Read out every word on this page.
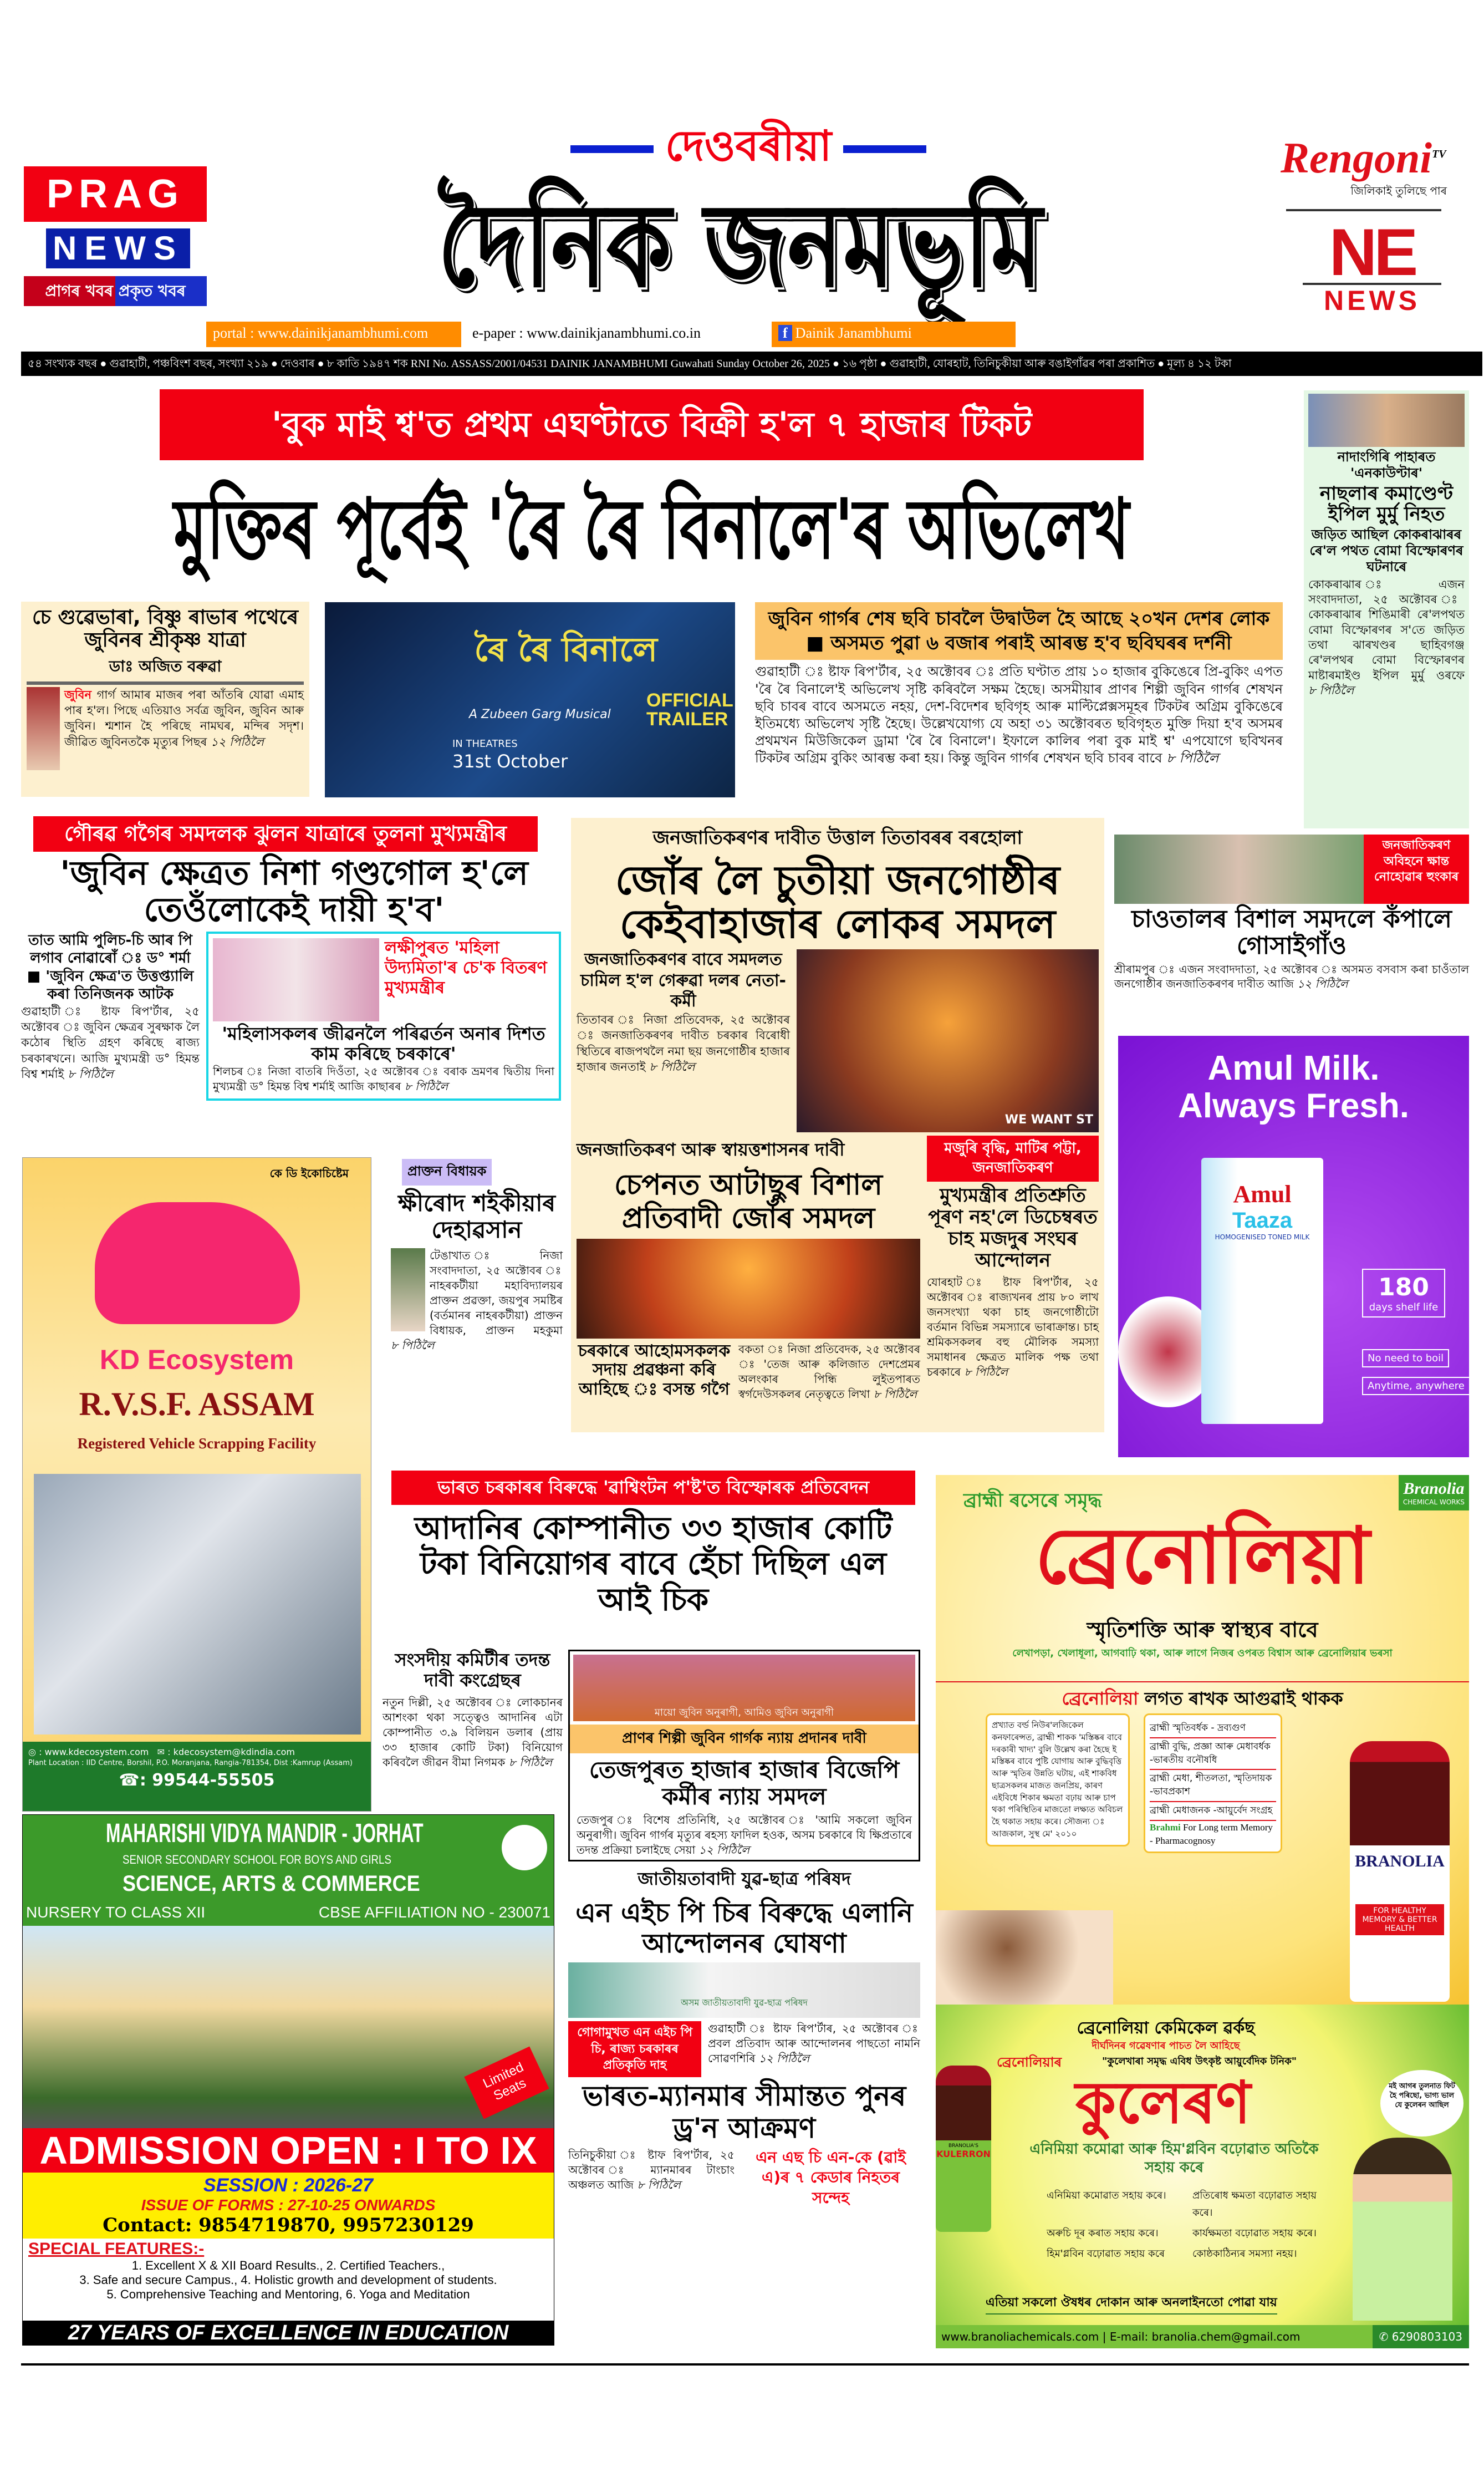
PRAG
NEWS
প্ৰাগৰ খবৰ প্ৰকৃত খবৰ
দেওবৰীয়া
দৈনিক জনমভূমি
Rengoni$^{TV}$
জিলিকাই তুলিছে পাৰ
NE
NEWS
portal : www.dainikjanambhumi.com	e-paper : www.dainikjanambhumi.co.in	f Dainik Janambhumi
৫৪ সংখ্যক বছৰ ● গুৱাহাটী, পঞ্চবিংশ বছৰ, সংখ্যা ২১৯ ● দেওবাৰ ● ৮ কাতি ১৯৪৭ শক RNI No. ASSASS/2001/04531 DAINIK JANAMBHUMI Guwahati Sunday October 26, 2025 ● ১৬ পৃষ্ঠা ● গুৱাহাটী, যোৰহাট, তিনিচুকীয়া আৰু বঙাইগাঁৱৰ পৰা প্ৰকাশিত ● মূল্য ৪ ১২ টকা
'বুক মাই শ্ব'ত প্ৰথম এঘণ্টাতে বিক্ৰী হ'ল ৭ হাজাৰ টিকট
মুক্তিৰ পূৰ্বেই 'ৰৈ ৰৈ বিনালে'ৰ অভিলেখ
নাদাংগিৰি পাহাৰত 'এনকাউণ্টাৰ'
নাছলাৰ কমাণ্ডেণ্ট ইপিল মুৰ্মু নিহত
জড়িত আছিল কোকৰাঝাৰৰ ৰে'ল পথত বোমা বিস্ফোৰণৰ ঘটনাৰে
কোকৰাঝাৰ ঃ এজন সংবাদদাতা, ২৫ অক্টোবৰ ঃ কোকৰাঝাৰ শিঙিমাৰী ৰে'লপথত বোমা বিস্ফোৰণৰ স'তে জড়িত তথা ঝাৰখণ্ডৰ ছাহিবগঞ্জ ৰে'লপথৰ বোমা বিস্ফোৰণৰ মাষ্টাৰমাইণ্ড ইপিল মুৰ্মু ওৰফে ৮ পিঠিলৈ
চে গুৱেভাৰা, বিষ্ণু ৰাভাৰ পথেৰে জুবিনৰ শ্ৰীকৃষ্ণ যাত্ৰা
ডাঃ অজিত বৰুৱা
জুবিন গাৰ্গ আমাৰ মাজৰ পৰা আঁতৰি যোৱা এমাহ পাৰ হ'ল। পিছে এতিয়াও সৰ্বত্ৰ জুবিন, জুবিন আৰু জুবিন। শ্মশান হৈ পৰিছে নামঘৰ, মন্দিৰ সদৃশ। জীৱিত জুবিনতকৈ মৃত্যুৰ পিছৰ ১২ পিঠিলৈ
ৰৈ ৰৈ বিনালে
A Zubeen Garg Musical
OFFICIAL TRAILER
IN THEATRES
31st October
জুবিন গাৰ্গৰ শেষ ছবি চাবলৈ উদ্বাউল হৈ আছে ২০খন দেশৰ লোক ■ অসমত পুৱা ৬ বজাৰ পৰাই আৰম্ভ হ'ব ছবিঘৰৰ দৰ্শনী
গুৱাহাটী ঃ ষ্টাফ ৰিপ'ৰ্টাৰ, ২৫ অক্টোবৰ ঃ প্ৰতি ঘণ্টাত প্ৰায় ১০ হাজাৰ বুকিঙেৰে প্ৰি-বুকিং এপত 'ৰৈ ৰৈ বিনালে'ই অভিলেখ সৃষ্টি কৰিবলৈ সক্ষম হৈছে। অসমীয়াৰ প্ৰাণৰ শিল্পী জুবিন গাৰ্গৰ শেষখন ছবি চাবৰ বাবে অসমতে নহয়, দেশ-বিদেশৰ ছবিগৃহ আৰু মাল্টিপ্লেক্সসমূহৰ টিকটৰ অগ্ৰিম বুকিঙেৰে ইতিমধ্যে অভিলেখ সৃষ্টি হৈছে। উল্লেখযোগ্য যে অহা ৩১ অক্টোবৰত ছবিগৃহত মুক্তি দিয়া হ'ব অসমৰ প্ৰথমখন মিউজিকেল ড্ৰামা 'ৰৈ ৰৈ বিনালে'। ইফালে কালিৰ পৰা বুক মাই শ্ব' এপযোগে ছবিখনৰ টিকটৰ অগ্ৰিম বুকিং আৰম্ভ কৰা হয়। কিন্তু জুবিন গাৰ্গৰ শেষখন ছবি চাবৰ বাবে ৮ পিঠিলৈ
গৌৰৱ গগৈৰ সমদলক ঝুলন যাত্ৰাৰে তুলনা মুখ্যমন্ত্ৰীৰ
'জুবিন ক্ষেত্ৰত নিশা গণ্ডগোল হ'লে তেওঁলোকেই দায়ী হ'ব'
তাত আমি পুলিচ-চি আৰ পি লগাব নোৱাৰোঁ ঃ ড° শৰ্মা ■ 'জুবিন ক্ষেত্ৰ'ত উত্তপ্ত্যালি কৰা তিনিজনক আটক
গুৱাহাটী ঃ ষ্টাফ ৰিপ'ৰ্টাৰ, ২৫ অক্টোবৰ ঃ জুবিন ক্ষেত্ৰৰ সুৰক্ষাক লৈ কঠোৰ স্থিতি গ্ৰহণ কৰিছে ৰাজ্য চৰকাৰখনে। আজি মুখ্যমন্ত্ৰী ড° হিমন্ত বিশ্ব শৰ্মাই ৮ পিঠিলৈ
লক্ষীপুৰত 'মহিলা উদ্যমিতা'ৰ চে'ক বিতৰণ মুখ্যমন্ত্ৰীৰ
'মহিলাসকলৰ জীৱনলৈ পৰিৱৰ্তন অনাৰ দিশত কাম কৰিছে চৰকাৰে'
শিলচৰ ঃ নিজা বাতৰি দিওঁতা, ২৫ অক্টোবৰ ঃ বৰাক ভ্ৰমণৰ দ্বিতীয় দিনা মুখ্যমন্ত্ৰী ড° হিমন্ত বিশ্ব শৰ্মাই আজি কাছাৰৰ ৮ পিঠিলৈ
জনজাতিকৰণৰ দাবীত উত্তাল তিতাবৰৰ বৰহোলা
জোঁৰ লৈ চুতীয়া জনগোষ্ঠীৰ কেইবাহাজাৰ লোকৰ সমদল
জনজাতিকৰণৰ বাবে সমদলত চামিল হ'ল গেৰুৱা দলৰ নেতা-কৰ্মী
তিতাবৰ ঃ নিজা প্ৰতিবেদক, ২৫ অক্টোবৰ ঃ জনজাতিকৰণৰ দাবীত চৰকাৰ বিৰোধী স্থিতিৰে ৰাজপথলৈ নমা ছয় জনগোষ্ঠীৰ হাজাৰ হাজাৰ জনতাই ৮ পিঠিলৈ
WE WANT ST
জনজাতিকৰণ আৰু স্বায়ত্তশাসনৰ দাবী
চেপনত আটাছুৰ বিশাল প্ৰতিবাদী জোঁৰ সমদল
চৰকাৰে আহোমসকলক সদায় প্ৰৱঞ্চনা কৰি আহিছে ঃ বসন্ত গগৈ
বকতা ঃ নিজা প্ৰতিবেদক, ২৫ অক্টোবৰ ঃ 'তেজ আৰু কলিজাত দেশপ্ৰেমৰ অলংকাৰ পিন্ধি লুইতপাৰত স্বৰ্গদেউসকলৰ নেতৃত্বতে লিখা ৮ পিঠিলৈ
মজুৰি বৃদ্ধি, মাটিৰ পট্টা, জনজাতিকৰণ
মুখ্যমন্ত্ৰীৰ প্ৰতিশ্ৰুতি পূৰণ নহ'লে ডিচেম্বৰত চাহ মজদুৰ সংঘৰ আন্দোলন
যোৰহাট ঃ ষ্টাফ ৰিপ'ৰ্টাৰ, ২৫ অক্টোবৰ ঃ ৰাজ্যখনৰ প্ৰায় ৮০ লাখ জনসংখ্যা থকা চাহ জনগোষ্ঠীটো বৰ্তমান বিভিন্ন সমস্যাৰে ভাৰাক্ৰান্ত। চাহ শ্ৰমিকসকলৰ বহু মৌলিক সমস্যা সমাধানৰ ক্ষেত্ৰত মালিক পক্ষ তথা চৰকাৰে ৮ পিঠিলৈ
জনজাতিকৰণ অবিহনে ক্ষান্ত নোহোৱাৰ হুংকাৰ
চাওতালৰ বিশাল সমদলে কঁপালে গোসাইগাঁও
শ্ৰীৰামপুৰ ঃ এজন সংবাদদাতা, ২৫ অক্টোবৰ ঃ অসমত বসবাস কৰা চাওঁতাল জনগোষ্ঠীৰ জনজাতিকৰণৰ দাবীত আজি ১২ পিঠিলৈ
Amul Milk.
Always Fresh.
Amul
Taaza
HOMOGENISED TONED MILK
180
days shelf life
No need to boil
Anytime, anywhere
কে ডি ইকোচিষ্টেম
KD Ecosystem
R.V.S.F. ASSAM
Registered Vehicle Scrapping Facility
◎ : www.kdecosystem.com ✉ : kdecosystem@kdindia.com
Plant Location : IID Centre, Borshil, P.O. Moranjana, Rangia-781354, Dist :Kamrup (Assam)
☎: 99544-55505
প্ৰাক্তন বিধায়ক
ক্ষীৰোদ শইকীয়াৰ দেহাৱসান
টেঙাখাত ঃ নিজা সংবাদদাতা, ২৫ অক্টোবৰ ঃ নাহৰকটীয়া মহাবিদ্যালয়ৰ প্ৰাক্তন প্ৰৱক্তা, জয়পুৰ সমষ্টিৰ (বৰ্তমানৰ নাহৰকটীয়া) প্ৰাক্তন বিধায়ক, প্ৰাক্তন মহকুমা ৮ পিঠিলৈ
ভাৰত চৰকাৰৰ বিৰুদ্ধে 'ৱাশ্বিংটন প'ষ্ট'ত বিস্ফোৰক প্ৰতিবেদন
আদানিৰ কোম্পানীত ৩৩ হাজাৰ কোটি টকা বিনিয়োগৰ বাবে হেঁচা দিছিল এল আই চিক
সংসদীয় কমিটীৰ তদন্ত দাবী কংগ্ৰেছৰ
নতুন দিল্লী, ২৫ অক্টোবৰ ঃ লোকচানৰ আশংকা থকা সত্ত্বেও আদানিৰ এটা কোম্পানীত ৩.৯ বিলিয়ন ডলাৰ (প্ৰায় ৩৩ হাজাৰ কোটি টকা) বিনিয়োগ কৰিবলৈ জীৱন বীমা নিগমক ৮ পিঠিলৈ
মায়ো জুবিন অনুৰাগী, আমিও জুবিন অনুৰাগী
প্ৰাণৰ শিল্পী জুবিন গাৰ্গক ন্যায় প্ৰদানৰ দাবী
তেজপুৰত হাজাৰ হাজাৰ বিজেপি কৰ্মীৰ ন্যায় সমদল
তেজপুৰ ঃ বিশেষ প্ৰতিনিধি, ২৫ অক্টোবৰ ঃ 'আমি সকলো জুবিন অনুৰাগী। জুবিন গাৰ্গৰ মৃত্যুৰ ৰহস্য ফাদিল হওক, অসম চৰকাৰে যি ক্ষিপ্ৰতাৰে তদন্ত প্ৰক্ৰিয়া চলাইছে সেয়া ১২ পিঠিলৈ
জাতীয়তাবাদী যুৱ-ছাত্ৰ পৰিষদ
এন এইচ পি চিৰ বিৰুদ্ধে এলানি আন্দোলনৰ ঘোষণা
অসম জাতীয়তাবাদী যুৱ-ছাত্ৰ পৰিষদ
গোগামুখত এন এইচ পি চি, ৰাজ্য চৰকাৰৰ প্ৰতিকৃতি দাহ
গুৱাহাটী ঃ ষ্টাফ ৰিপ'ৰ্টাৰ, ২৫ অক্টোবৰ ঃ প্ৰবল প্ৰতিবাদ আৰু আন্দোলনৰ পাছতো নামনি সোৱণশিৰি ১২ পিঠিলৈ
ভাৰত-ম্যানমাৰ সীমান্তত পুনৰ ড্ৰ'ন আক্ৰমণ
তিনিচুকীয়া ঃ ষ্টাফ ৰিপ'ৰ্টাৰ, ২৫ অক্টোবৰ ঃ ম্যানমাৰৰ টাংচাং অঞ্চলত আজি ৮ পিঠিলৈ
এন এছ চি এন-কে (ৱাই এ)ৰ ৭ কেডাৰ নিহতৰ সন্দেহ
MAHARISHI VIDYA MANDIR - JORHAT
SENIOR SECONDARY SCHOOL FOR BOYS AND GIRLS
SCIENCE, ARTS & COMMERCE
NURSERY TO CLASS XII	CBSE AFFILIATION NO - 230071
Limited Seats
ADMISSION OPEN : I TO IX
SESSION : 2026-27
ISSUE OF FORMS : 27-10-25 ONWARDS
Contact: 9854719870, 9957230129
SPECIAL FEATURES:-
1. Excellent X & XII Board Results., 2. Certified Teachers.,
3. Safe and secure Campus., 4. Holistic growth and development of students.
5. Comprehensive Teaching and Mentoring, 6. Yoga and Meditation
27 YEARS OF EXCELLENCE IN EDUCATION
ব্ৰাহ্মী ৰসেৰে সমৃদ্ধ
Branolia
CHEMICAL WORKS
ব্ৰেনোলিয়া
স্মৃতিশক্তি আৰু স্বাস্থ্যৰ বাবে
লেখাপড়া, খেলাধূলা, আগবাঢ়ি থকা, আৰু লাগে নিজৰ ওপৰত বিশ্বাস আৰু ব্ৰেনোলিয়াৰ ভৰসা
ব্ৰেনোলিয়া লগত ৰাখক আগুৱাই থাকক
প্ৰখ্যাত বৰ্ল্ড নিউৰ'লজিকেল কনফাৰেন্সত, ব্ৰাহ্মী শাকক 'মস্তিষ্কৰ বাবে দৰকাৰী খাদ্য' বুলি উল্লেখ কৰা হৈছে ই মস্তিষ্কৰ বাবে পুষ্টি যোগায় আৰু বুদ্ধিবৃত্তি আৰু স্মৃতিৰ উন্নতি ঘটায়, এই শাকবিধ ছাত্ৰসকলৰ মাজত জনপ্ৰিয়, কাৰণ এইবিধে শিকাৰ ক্ষমতা বঢ়ায় আৰু চাপ থকা পৰিস্থিতিৰ মাজতো লক্ষ্যত অবিচল হৈ থকাত সহায় কৰে। সৌজন্য ঃ আজকাল, সুস্থ মে' ২০১০
ব্ৰাহ্মী স্মৃতিবৰ্ধক - দ্ৰব্যগুণ
ব্ৰাহ্মী বুদ্ধি, প্ৰজ্ঞা আৰু মেধাবৰ্ধক -ভাৰতীয় বনৌষধি
ব্ৰাহ্মী মেধা, শীতলতা, স্মৃতিদায়ক -ভাবপ্ৰকাশ
ব্ৰাহ্মী মেধাজনক -আয়ুৰ্বেদ সংগ্ৰহ
Brahmi For Long term Memory - Pharmacognosy
BRANOLIA
FOR HEALTHY MEMORY & BETTER HEALTH
BRANOLIA'S
KULERRON
ব্ৰেনোলিয়া কেমিকেল ৱৰ্কছ
দীৰ্ঘদিনৰ গৱেষণাৰ পাচত লৈ আহিছে
ব্ৰেনোলিয়াৰ	"কুলেখাৰা সমৃদ্ধ এবিধ উৎকৃষ্ট আয়ুৰ্বেদিক টনিক"
কুলেৰণ
এনিমিয়া কমোৱা আৰু হিম'গ্লবিন বঢ়োৱাত অতিকৈ সহায় কৰে
এনিমিয়া কমোৱাত সহায় কৰে।	প্ৰতিৰোধ ক্ষমতা বঢ়োৱাত সহায় কৰে।
অৰুচি দূৰ কৰাত সহায় কৰে।	কাৰ্যক্ষমতা বঢ়োৱাত সহায় কৰে।
হিম'গ্লবিন বঢ়োৱাত সহায় কৰে	কোষ্ঠকাঠিন্যৰ সমস্যা নহয়।
মই আগৰ তুলনাত ফিট হৈ পৰিছো, ভাগ্য ভাল যে কুলেৰন আছিল
এতিয়া সকলো ঔষধৰ দোকান আৰু অনলাইনতো পোৱা যায়
www.branoliachemicals.com | E-mail: branolia.chem@gmail.com	✆ 6290803103
